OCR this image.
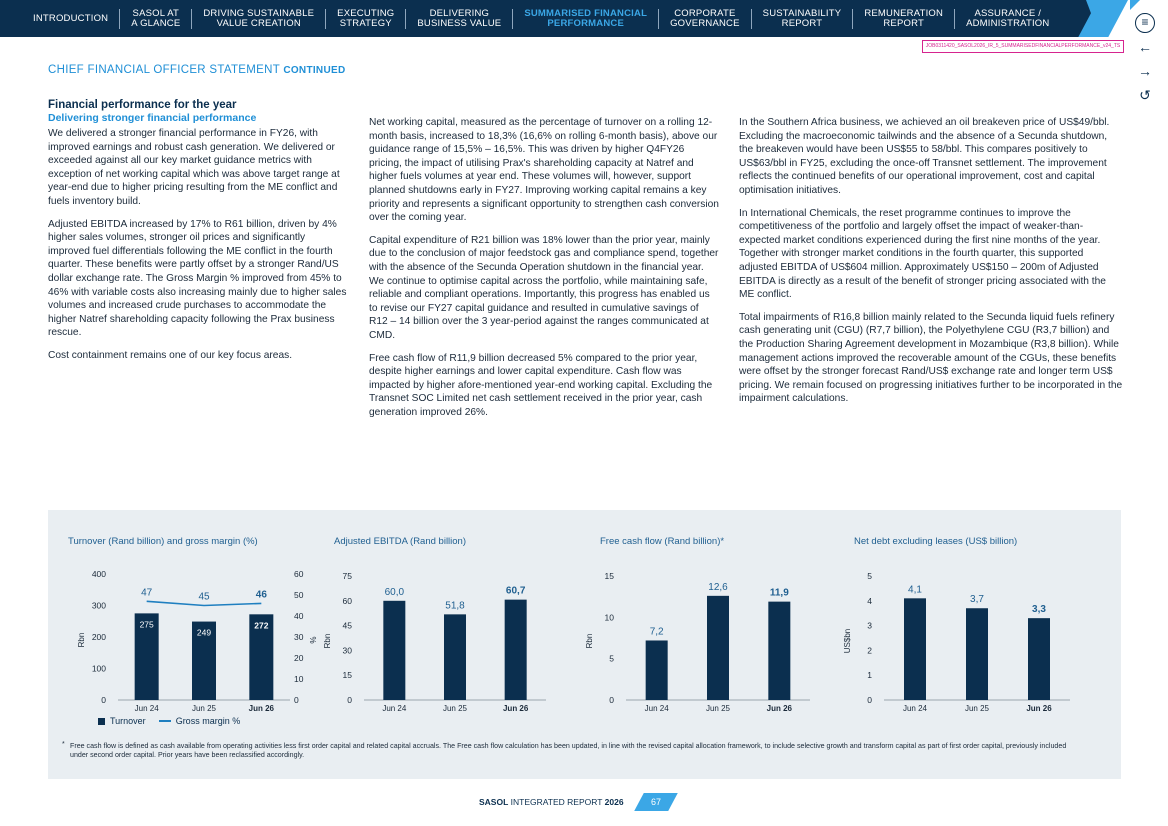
INTRODUCTION	SASOL AT
A GLANCE
DRIVING SUSTAINABLE
VALUE CREATION
EXECUTING
STRATEGY
DELIVERING
BUSINESS VALUE
SUMMARISED FINANCIAL
PERFORMANCE
CORPORATE
GOVERNANCE
SUSTAINABILITY
REPORT
REMUNERATION
REPORT
ASSURANCE /
ADMINISTRATION	≡
←
→
↺
JOB0311420_SASOL2026_IR_5_SUMMARISEDFINANCIALPERFORMANCE_v24_TS
CHIEF FINANCIAL OFFICER STATEMENT CONTINUED
Financial performance for the year
Delivering stronger financial performance

We delivered a stronger financial performance in FY26, with improved earnings and robust cash generation. We delivered or exceeded against all our key market guidance metrics with exception of net working capital which was above target range at year-end due to higher pricing resulting from the ME conflict and fuels inventory build.

Adjusted EBITDA increased by 17% to R61 billion, driven by 4% higher sales volumes, stronger oil prices and significantly improved fuel differentials following the ME conflict in the fourth quarter. These benefits were partly offset by a stronger Rand/US dollar exchange rate. The Gross Margin % improved from 45% to 46% with variable costs also increasing mainly due to higher sales volumes and increased crude purchases to accommodate the higher Natref shareholding capacity following the Prax business rescue.

Cost containment remains one of our key focus areas.

Net working capital, measured as the percentage of turnover on a rolling 12-month basis, increased to 18,3% (16,6% on rolling 6-month basis), above our guidance range of 15,5% – 16,5%. This was driven by higher Q4FY26 pricing, the impact of utilising Prax's shareholding capacity at Natref and higher fuels volumes at year end. These volumes will, however, support planned shutdowns early in FY27. Improving working capital remains a key priority and represents a significant opportunity to strengthen cash conversion over the coming year.

Capital expenditure of R21 billion was 18% lower than the prior year, mainly due to the conclusion of major feedstock gas and compliance spend, together with the absence of the Secunda Operation shutdown in the financial year. We continue to optimise capital across the portfolio, while maintaining safe, reliable and compliant operations. Importantly, this progress has enabled us to revise our FY27 capital guidance and resulted in cumulative savings of R12 – 14 billion over the 3 year-period against the ranges communicated at CMD.

Free cash flow of R11,9 billion decreased 5% compared to the prior year, despite higher earnings and lower capital expenditure. Cash flow was impacted by higher afore-mentioned year-end working capital. Excluding the Transnet SOC Limited net cash settlement received in the prior year, cash generation improved 26%.

In the Southern Africa business, we achieved an oil breakeven price of US$49/bbl. Excluding the macroeconomic tailwinds and the absence of a Secunda shutdown, the breakeven would have been US$55 to 58/bbl. This compares positively to US$63/bbl in FY25, excluding the once-off Transnet settlement. The improvement reflects the continued benefits of our operational improvement, cost and capital optimisation initiatives.

In International Chemicals, the reset programme continues to improve the competitiveness of the portfolio and largely offset the impact of weaker-than-expected market conditions experienced during the first nine months of the year. Together with stronger market conditions in the fourth quarter, this supported adjusted EBITDA of US$604 million. Approximately US$150 – 200m of Adjusted EBITDA is directly as a result of the benefit of stronger pricing associated with the ME conflict.

Total impairments of R16,8 billion mainly related to the Secunda liquid fuels refinery cash generating unit (CGU) (R7,7 billion), the Polyethylene CGU (R3,7 billion) and the Production Sharing Agreement development in Mozambique (R3,8 billion). While management actions improved the recoverable amount of the CGUs, these benefits were offset by the stronger forecast Rand/US$ exchange rate and longer term US$ pricing. We remain focused on progressing initiatives further to be incorporated in the impairment calculations.

Turnover (Rand billion) and gross margin (%)
0
100
200
300
400
Rbn
0
10
20
30
40
50
60
%
275
Jun 24
249
Jun 25
272
Jun 26
47	45	46
Adjusted EBITDA (Rand billion)
0
15
30
45
60
75
Rbn
60,0
Jun 24
51,8
Jun 25
60,7
Jun 26
Free cash flow (Rand billion)*
0
5
10
15
Rbn
7,2
Jun 24
12,6
Jun 25
11,9
Jun 26
Net debt excluding leases (US$ billion)
0
1
2
3
4
5
US$bn
4,1
Jun 24
3,7
Jun 25
3,3
Jun 26
Turnover	Gross margin %
* Free cash flow is defined as cash available from operating activities less first order capital and related capital accruals. The Free cash flow calculation has been updated, in line with the revised capital allocation framework, to include selective growth and transform capital as part of first order capital, previously included under second order capital. Prior years have been reclassified accordingly.
SASOL INTEGRATED REPORT 2026	67
